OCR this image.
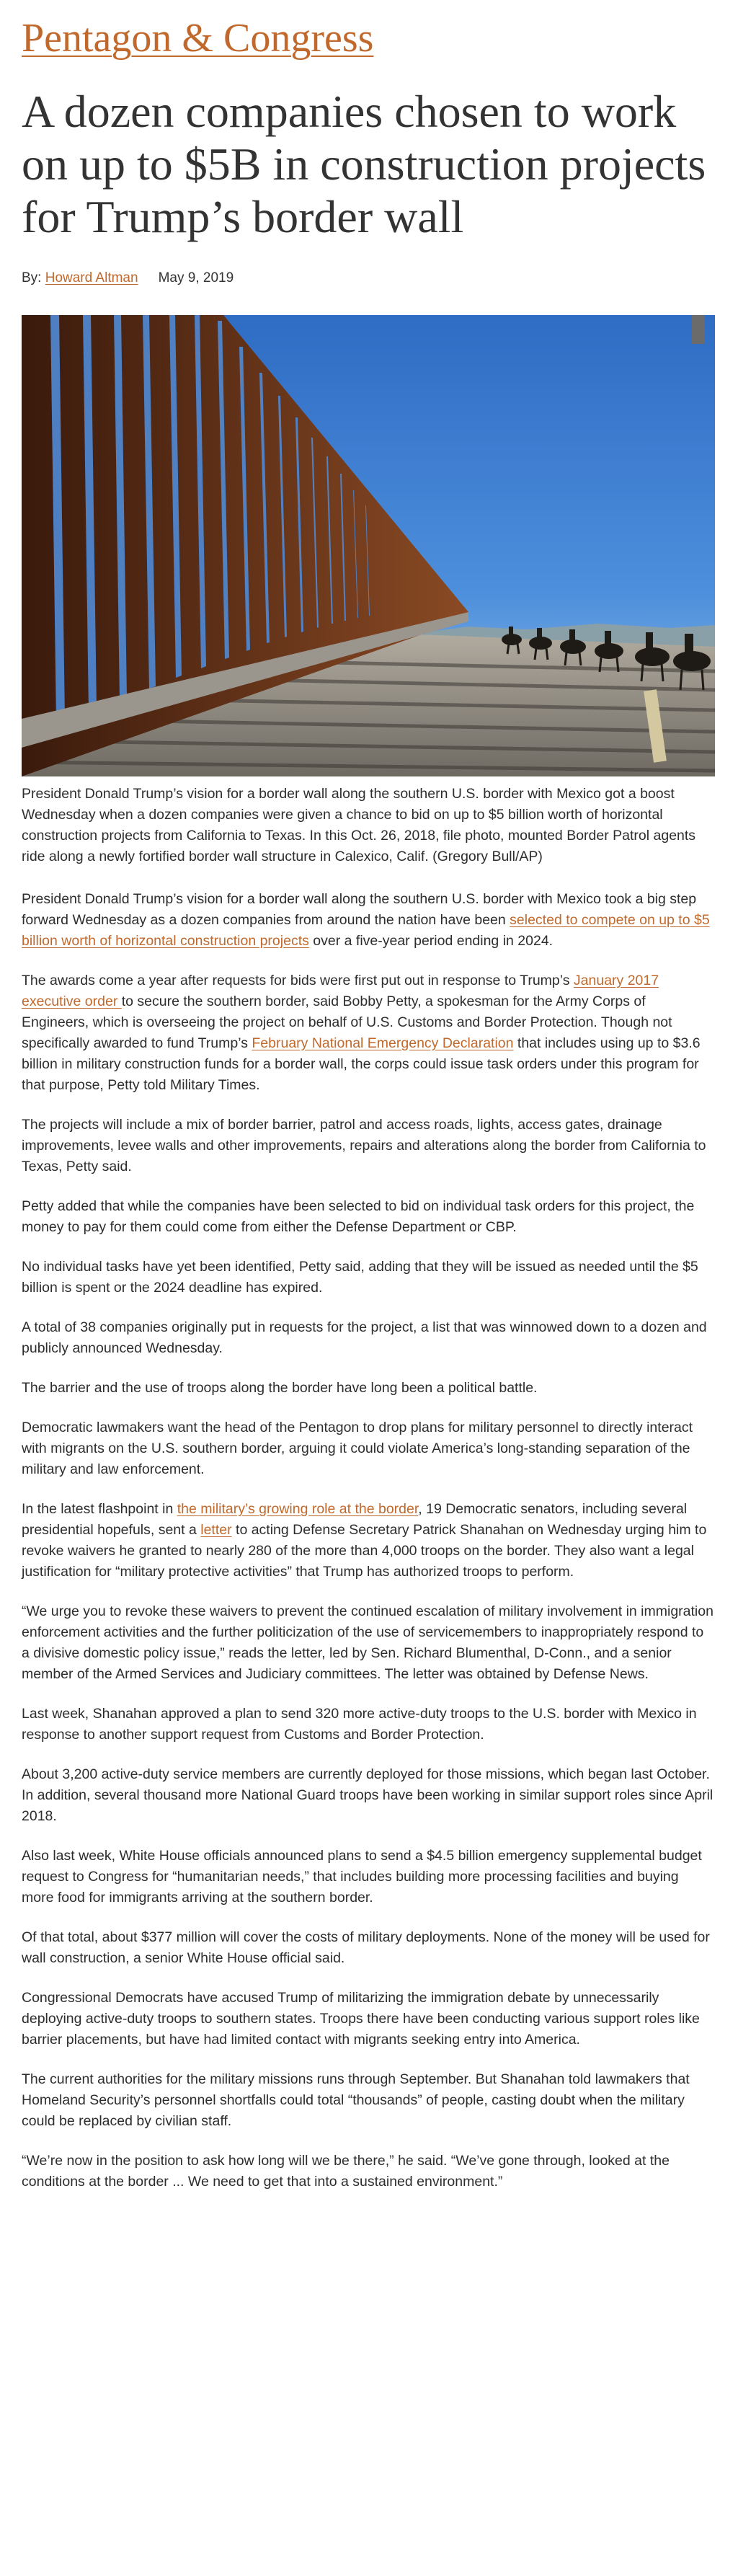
Pentagon & Congress
A dozen companies chosen to work on up to $5B in construction projects for Trump’s border wall
By: Howard Altman May 9, 2019

President Donald Trump’s vision for a border wall along the southern U.S. border with Mexico got a boost Wednesday when a dozen companies were given a chance to bid on up to $5 billion worth of horizontal construction projects from California to Texas. In this Oct. 26, 2018, file photo, mounted Border Patrol agents ride along a newly fortified border wall structure in Calexico, Calif. (Gregory Bull/AP)

President Donald Trump’s vision for a border wall along the southern U.S. border with Mexico took a big step forward Wednesday as a dozen companies from around the nation have been selected to compete on up to $5 billion worth of horizontal construction projects over a five-year period ending in 2024.

The awards come a year after requests for bids were first put out in response to Trump’s January 2017 executive order to secure the southern border, said Bobby Petty, a spokesman for the Army Corps of Engineers, which is overseeing the project on behalf of U.S. Customs and Border Protection. Though not specifically awarded to fund Trump’s February National Emergency Declaration that includes using up to $3.6 billion in military construction funds for a border wall, the corps could issue task orders under this program for that purpose, Petty told Military Times.

The projects will include a mix of border barrier, patrol and access roads, lights, access gates, drainage improvements, levee walls and other improvements, repairs and alterations along the border from California to Texas, Petty said.

Petty added that while the companies have been selected to bid on individual task orders for this project, the money to pay for them could come from either the Defense Department or CBP.

No individual tasks have yet been identified, Petty said, adding that they will be issued as needed until the $5 billion is spent or the 2024 deadline has expired.

A total of 38 companies originally put in requests for the project, a list that was winnowed down to a dozen and publicly announced Wednesday.

The barrier and the use of troops along the border have long been a political battle.

Democratic lawmakers want the head of the Pentagon to drop plans for military personnel to directly interact with migrants on the U.S. southern border, arguing it could violate America’s long-standing separation of the military and law enforcement.

In the latest flashpoint in the military’s growing role at the border, 19 Democratic senators, including several presidential hopefuls, sent a letter to acting Defense Secretary Patrick Shanahan on Wednesday urging him to revoke waivers he granted to nearly 280 of the more than 4,000 troops on the border. They also want a legal justification for “military protective activities” that Trump has authorized troops to perform.

“We urge you to revoke these waivers to prevent the continued escalation of military involvement in immigration enforcement activities and the further politicization of the use of servicemembers to inappropriately respond to a divisive domestic policy issue,” reads the letter, led by Sen. Richard Blumenthal, D-Conn., and a senior member of the Armed Services and Judiciary committees. The letter was obtained by Defense News.

Last week, Shanahan approved a plan to send 320 more active-duty troops to the U.S. border with Mexico in response to another support request from Customs and Border Protection.

About 3,200 active-duty service members are currently deployed for those missions, which began last October. In addition, several thousand more National Guard troops have been working in similar support roles since April 2018.

Also last week, White House officials announced plans to send a $4.5 billion emergency supplemental budget request to Congress for “humanitarian needs,” that includes building more processing facilities and buying more food for immigrants arriving at the southern border.

Of that total, about $377 million will cover the costs of military deployments. None of the money will be used for wall construction, a senior White House official said.

Congressional Democrats have accused Trump of militarizing the immigration debate by unnecessarily deploying active-duty troops to southern states. Troops there have been conducting various support roles like barrier placements, but have had limited contact with migrants seeking entry into America.

The current authorities for the military missions runs through September. But Shanahan told lawmakers that Homeland Security’s personnel shortfalls could total “thousands” of people, casting doubt when the military could be replaced by civilian staff.

“We’re now in the position to ask how long will we be there,” he said. “We’ve gone through, looked at the conditions at the border ... We need to get that into a sustained environment.”
